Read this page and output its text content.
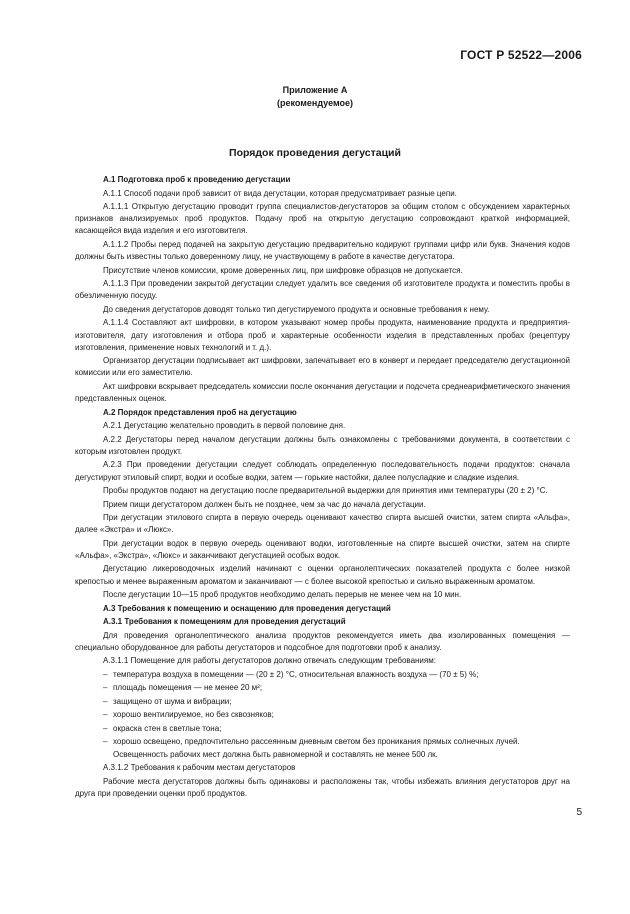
ГОСТ Р 52522—2006
Приложение А
(рекомендуемое)
Порядок проведения дегустаций

А.1 Подготовка проб к проведению дегустации

А.1.1 Способ подачи проб зависит от вида дегустации, которая предусматривает разные цепи.

А.1.1.1 Открытую дегустацию проводит группа специалистов-дегустаторов за общим столом с обсуждением характерных признаков анализируемых проб продуктов. Подачу проб на открытую дегустацию сопровождают краткой информацией, касающейся вида изделия и его изготовителя.

А.1.1.2 Пробы перед подачей на закрытую дегустацию предварительно кодируют группами цифр или букв. Значения кодов должны быть известны только доверенному лицу, не участвующему в работе в качестве дегустатора.

Присутствие членов комиссии, кроме доверенных лиц, при шифровке образцов не допускается.

А.1.1.3 При проведении закрытой дегустации следует удалить все сведения об изготовителе продукта и поместить пробы в обезличенную посуду.

До сведения дегустаторов доводят только тип дегустируемого продукта и основные требования к нему.

А.1.1.4 Составляют акт шифровки, в котором указывают номер пробы продукта, наименование продукта и предприятия-изготовителя, дату изготовления и отбора проб и характерные особенности изделия в представленных пробах (рецептуру изготовления, применение новых технологий и т. д.).

Организатор дегустации подписывает акт шифровки, запечатывает его в конверт и передает председателю дегустационной комиссии или его заместителю.

Акт шифровки вскрывает председатель комиссии после окончания дегустации и подсчета среднеарифметического значения представленных оценок.

А.2 Порядок представления проб на дегустацию

А.2.1 Дегустацию желательно проводить в первой половине дня.

А.2.2 Дегустаторы перед началом дегустации должны быть ознакомлены с требованиями документа, в соответствии с которым изготовлен продукт.

А.2.3 При проведении дегустации следует соблюдать определенную последовательность подачи продуктов: сначала дегустируют этиловый спирт, водки и особые водки, затем — горькие настойки, далее полусладкие и сладкие изделия.

Пробы продуктов подают на дегустацию после предварительной выдержки для принятия ими температуры (20 ± 2) °С.

Прием пищи дегустатором должен быть не позднее, чем за час до начала дегустации.

При дегустации этилового спирта в первую очередь оценивают качество спирта высшей очистки, затем спирта «Альфа», далее «Экстра» и «Люкс».

При дегустации водок в первую очередь оценивают водки, изготовленные на спирте высшей очистки, затем на спирте «Альфа», «Экстра», «Люкс» и заканчивают дегустацией особых водок.

Дегустацию ликероводочных изделий начинают с оценки органолептических показателей продукта с более низкой крепостью и менее выраженным ароматом и заканчивают — с более высокой крепостью и сильно выраженным ароматом.

После дегустации 10—15 проб продуктов необходимо делать перерыв не менее чем на 10 мин.

А.3 Требования к помещению и оснащению для проведения дегустаций

А.3.1 Требования к помещениям для проведения дегустаций

Для проведения органолептического анализа продуктов рекомендуется иметь два изолированных помещения — специально оборудованное для работы дегустаторов и подсобное для подготовки проб к анализу.

А.3.1.1 Помещение для работы дегустаторов должно отвечать следующим требованиям:

– температура воздуха в помещении — (20 ± 2) °С, относительная влажность воздуха — (70 ± 5) %;
– площадь помещения — не менее 20 м²;
– защищено от шума и вибрации;
– хорошо вентилируемое, но без сквозняков;
– окраска стен в светлые тона;
– хорошо освещено, предпочтительно рассеянным дневным светом без проникания прямых солнечных лучей. Освещенность рабочих мест должна быть равномерной и составлять не менее 500 лк.

А.3.1.2 Требования к рабочим местам дегустаторов

Рабочие места дегустаторов должны быть одинаковы и расположены так, чтобы избежать влияния дегустаторов друг на друга при проведении оценки проб продуктов.

5
